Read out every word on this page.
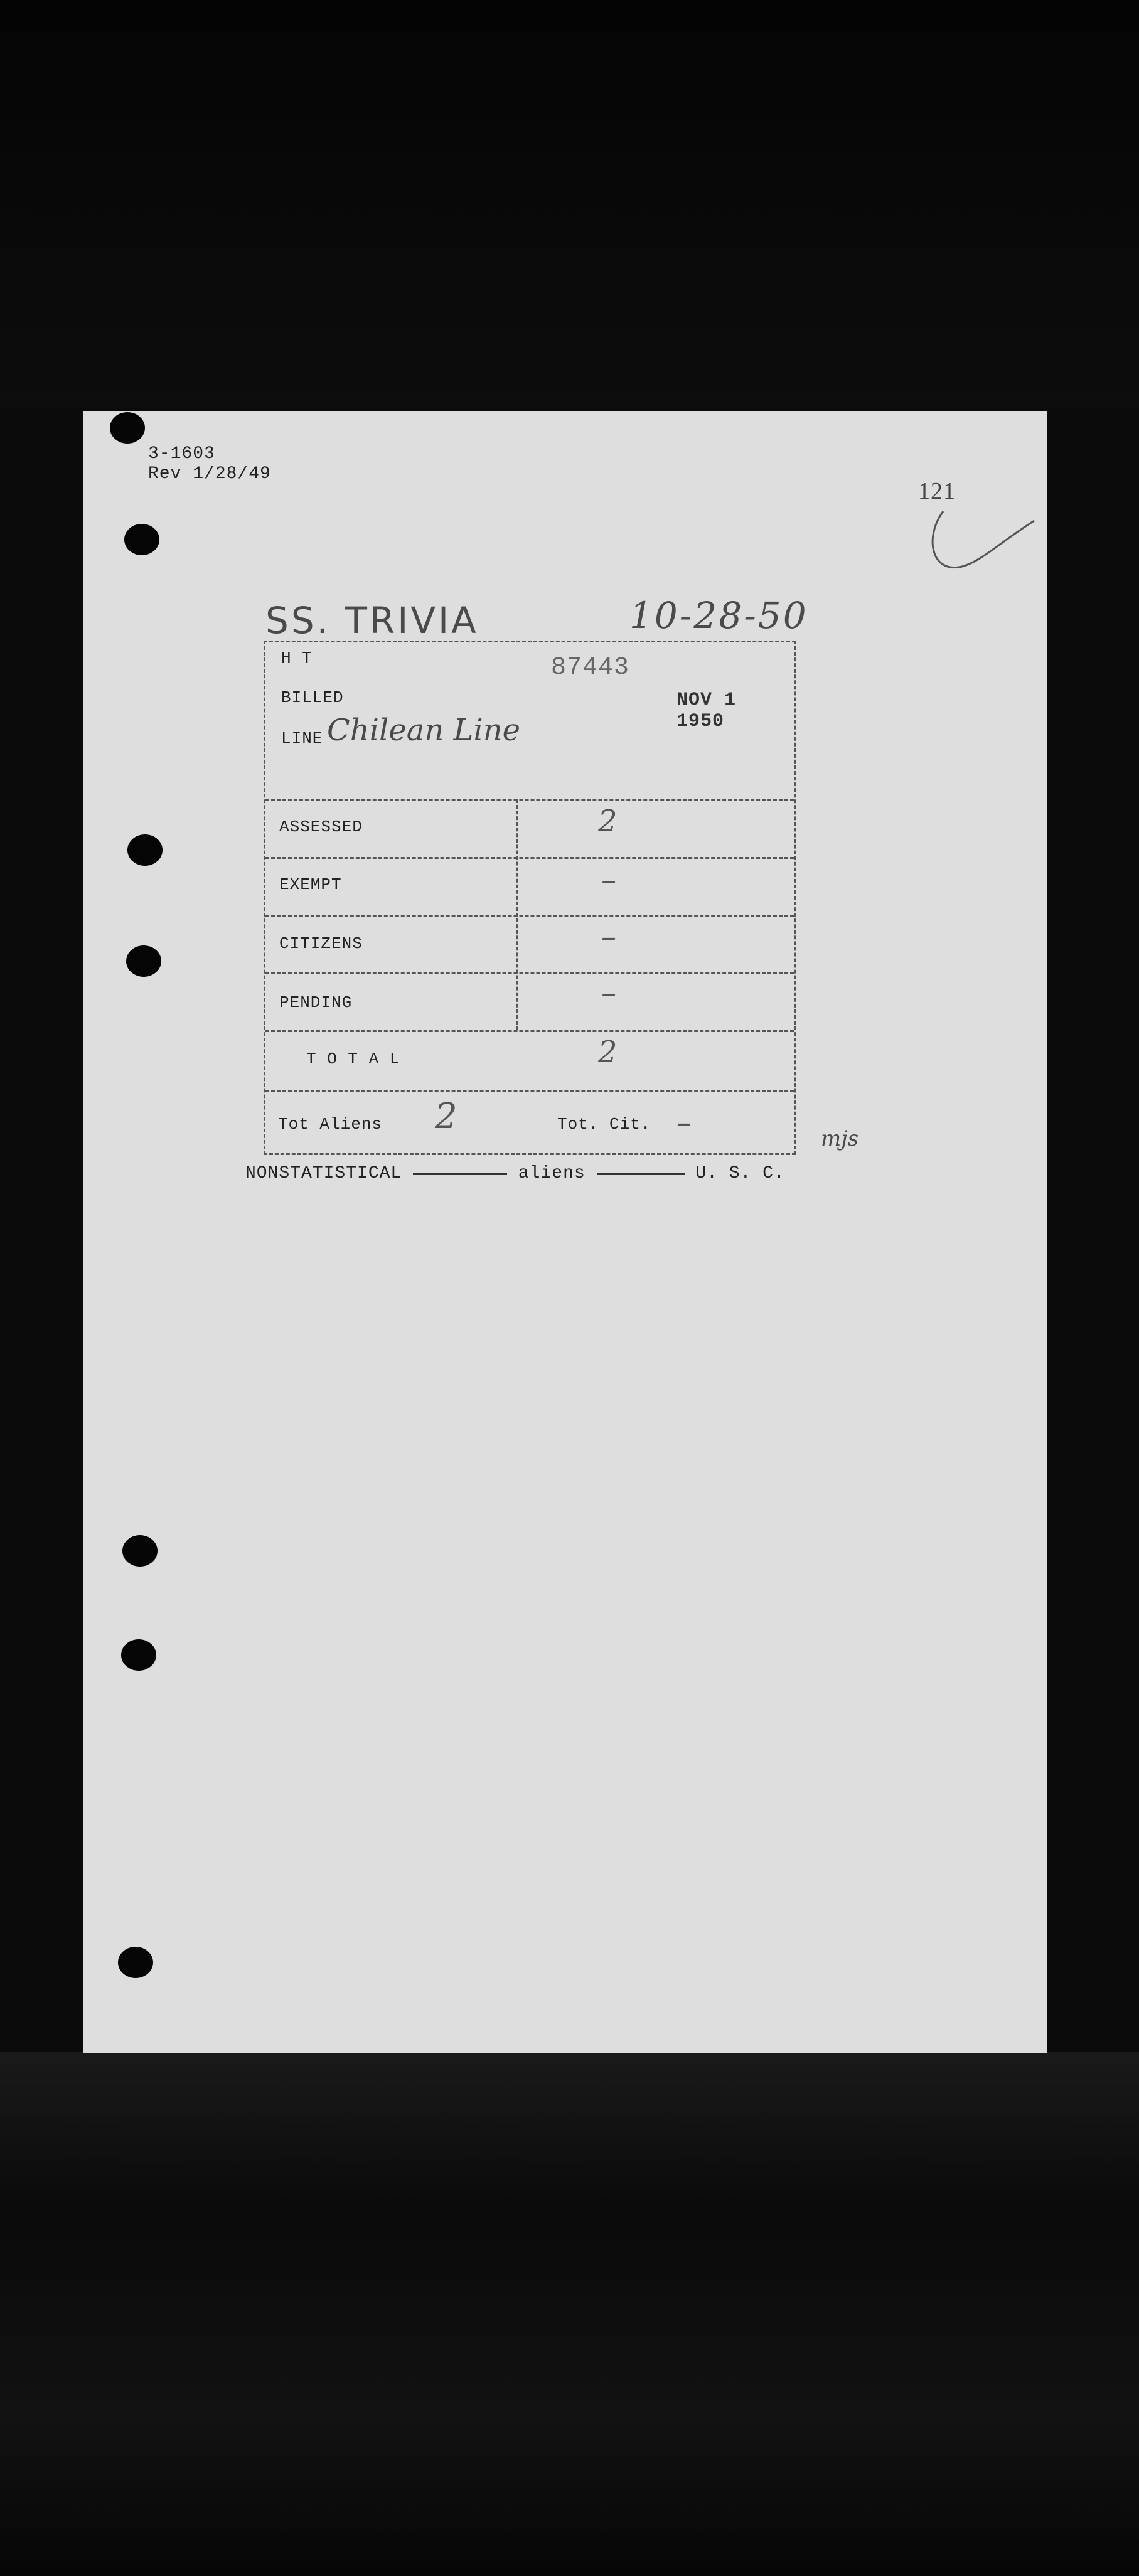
3-1603
Rev 1/28/49
121
SS. TRIVIA	10-28-50
H T	87443
BILLED	NOV 1 1950
LINE Chilean Line
ASSESSED	2
EXEMPT	–
CITIZENS	–
PENDING	–
T O T A L	2
Tot Aliens 2	Tot. Cit. –	mjs
NONSTATISTICAL	aliens	U. S. C.
